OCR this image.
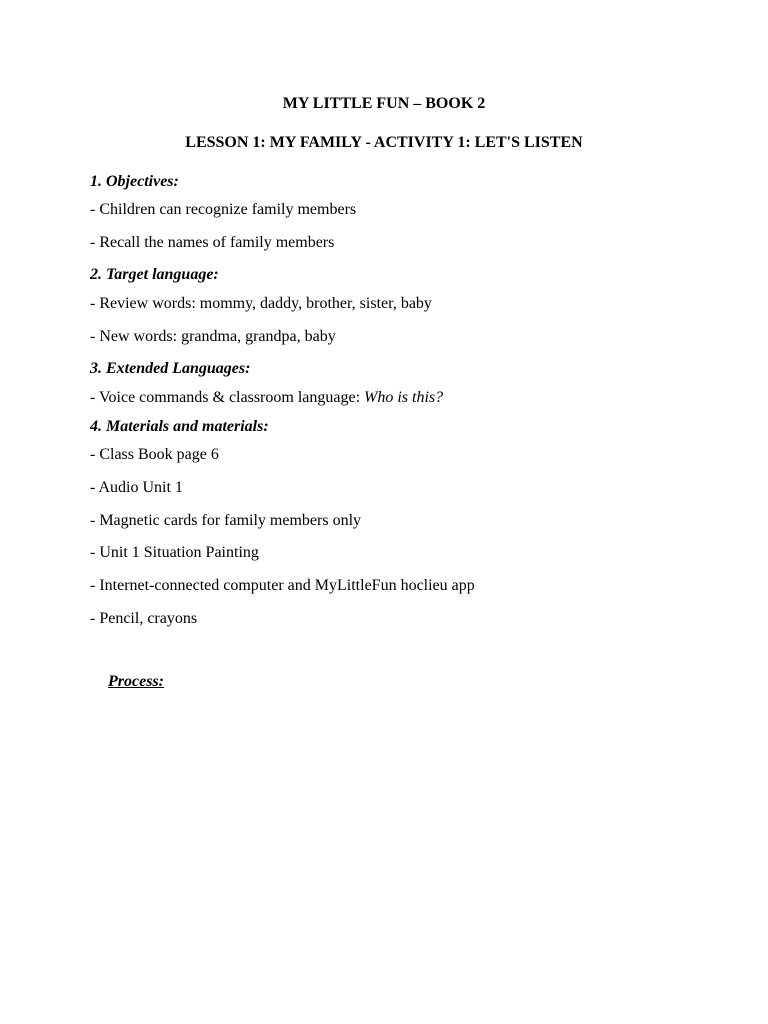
MY LITTLE FUN – BOOK 2
LESSON 1: MY FAMILY - ACTIVITY 1: LET'S LISTEN
1. Objectives:
- Children can recognize family members
- Recall the names of family members
2. Target language:
- Review words: mommy, daddy, brother, sister, baby
- New words: grandma, grandpa, baby
3. Extended Languages:
- Voice commands & classroom language: Who is this?
4. Materials and materials:
- Class Book page 6
- Audio Unit 1
- Magnetic cards for family members only
- Unit 1 Situation Painting
- Internet-connected computer and MyLittleFun hoclieu app
- Pencil, crayons
Process:
